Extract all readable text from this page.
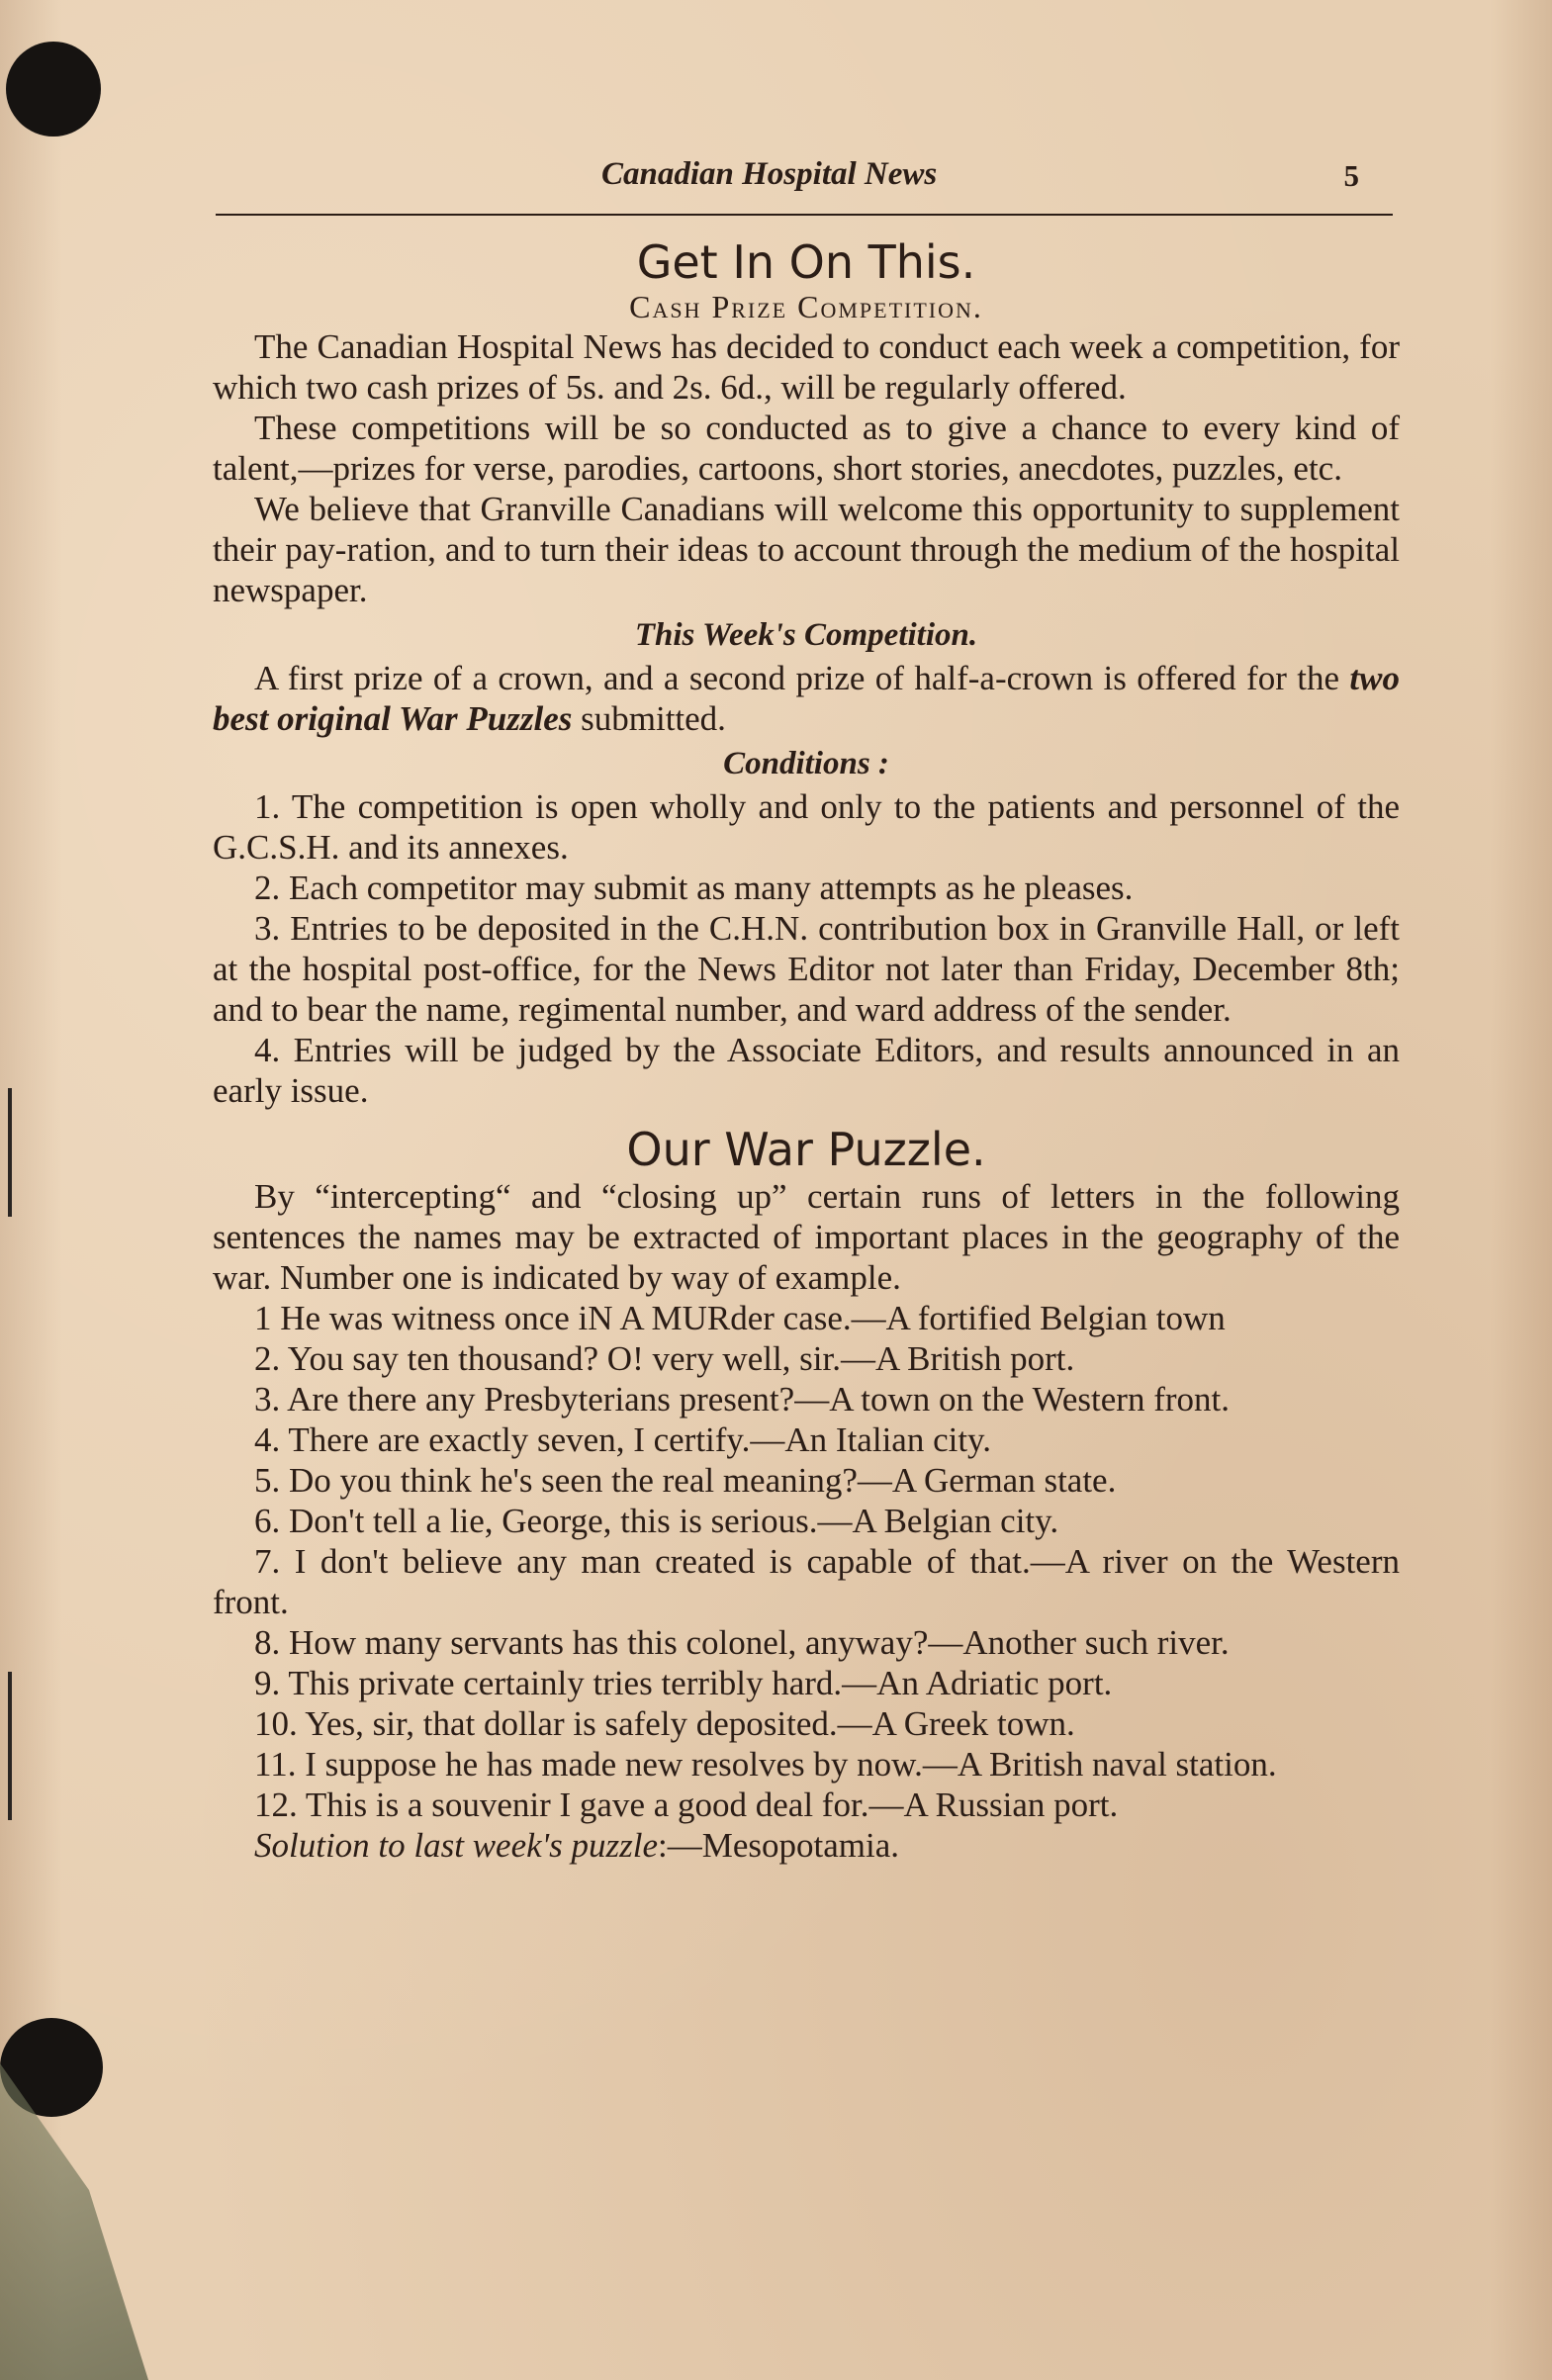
Canadian Hospital News	5
Get In On This.
Cash Prize Competition.

The Canadian Hospital News has decided to conduct each week a competition, for which two cash prizes of 5s. and 2s. 6d., will be regularly offered.

These competitions will be so conducted as to give a chance to every kind of talent,—prizes for verse, parodies, cartoons, short stories, anecdotes, puzzles, etc.

We believe that Granville Canadians will welcome this opportunity to supplement their pay-ration, and to turn their ideas to account through the medium of the hospital newspaper.

This Week's Competition.

A first prize of a crown, and a second prize of half-a-crown is offered for the two best original War Puzzles submitted.

Conditions :

1. The competition is open wholly and only to the patients and personnel of the G.C.S.H. and its annexes.

2. Each competitor may submit as many attempts as he pleases.

3. Entries to be deposited in the C.H.N. contribution box in Granville Hall, or left at the hospital post-office, for the News Editor not later than Friday, December 8th; and to bear the name, regimental number, and ward address of the sender.

4. Entries will be judged by the Associate Editors, and results announced in an early issue.

Our War Puzzle.

By “intercepting“ and “closing up” certain runs of letters in the following sentences the names may be extracted of important places in the geography of the war. Number one is indicated by way of example.

1 He was witness once iN A MURder case.—A fortified Belgian town

2. You say ten thousand? O! very well, sir.—A British port.

3. Are there any Presbyterians present?—A town on the Western front.

4. There are exactly seven, I certify.—An Italian city.

5. Do you think he's seen the real meaning?—A German state.

6. Don't tell a lie, George, this is serious.—A Belgian city.

7. I don't believe any man created is capable of that.—A river on the Western front.

8. How many servants has this colonel, anyway?—Another such river.

9. This private certainly tries terribly hard.—An Adriatic port.

10. Yes, sir, that dollar is safely deposited.—A Greek town.

11. I suppose he has made new resolves by now.—A British naval station.

12. This is a souvenir I gave a good deal for.—A Russian port.

Solution to last week's puzzle:—Mesopotamia.
